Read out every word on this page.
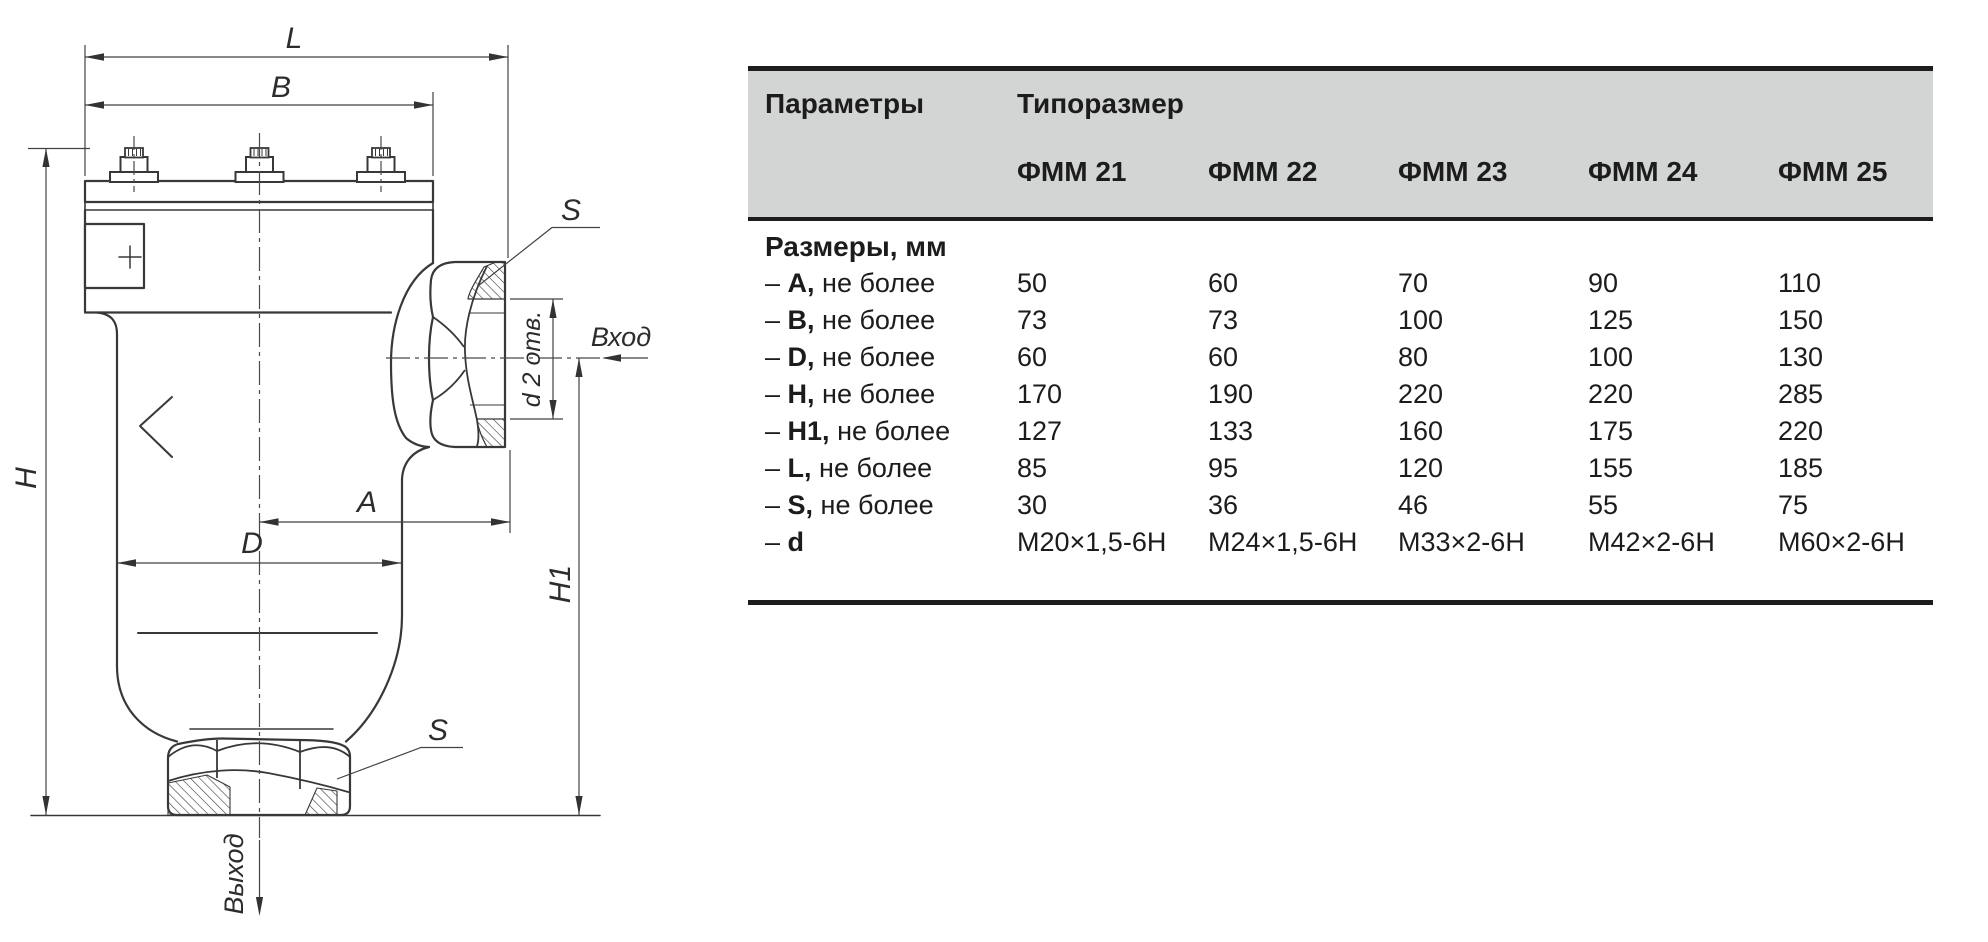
L
B
H
H1
A
D
S
S
d 2 отв. Вход
Выход
Параметры	Типоразмер
ФММ 21	ФММ 22	ФММ 23	ФММ 24	ФММ 25
Размеры, мм
– A, не более	50	60	70	90	110
– B, не более	73	73	100	125	150
– D, не более	60	60	80	100	130
– H, не более	170	190	220	220	285
– H1, не более 127	133	160	175	220
– L, не более	85	95	120	155	185
– S, не более	30	36	46	55	75
– d	M20×1,5-6H M24×1,5-6H M33×2-6H M42×2-6H M60×2-6H
